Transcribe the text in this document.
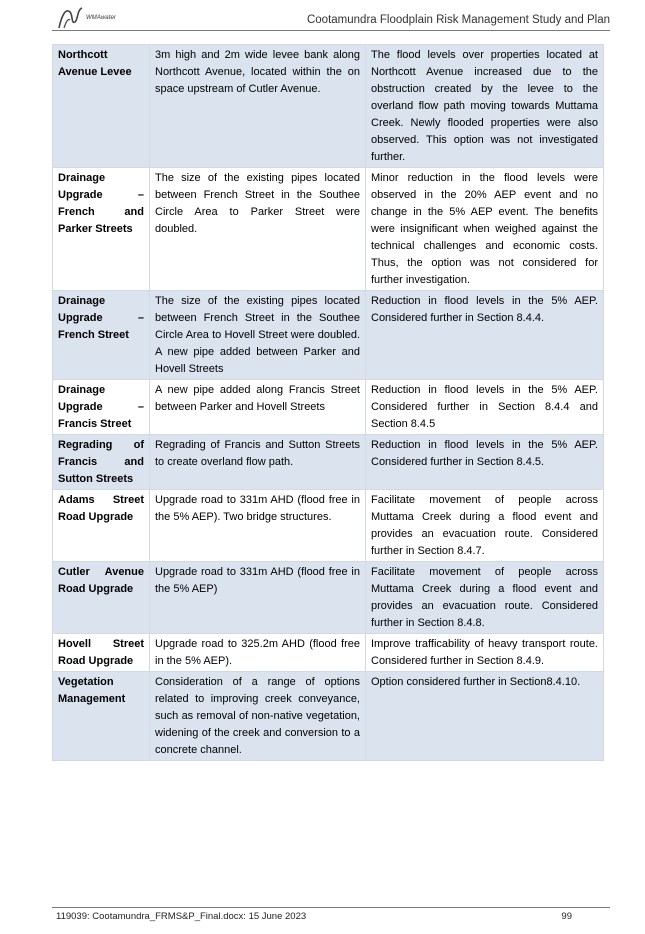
WMAwater	Cootamundra Floodplain Risk Management Study and Plan
Northcott Avenue Levee	3m high and 2m wide levee bank along Northcott Avenue, located within the on space upstream of Cutler Avenue.	The flood levels over properties located at Northcott Avenue increased due to the obstruction created by the levee to the overland flow path moving towards Muttama Creek. Newly flooded properties were also observed. This option was not investigated further.
Drainage Upgrade – French and Parker Streets	The size of the existing pipes located between French Street in the Southee Circle Area to Parker Street were doubled.	Minor reduction in the flood levels were observed in the 20% AEP event and no change in the 5% AEP event. The benefits were insignificant when weighed against the technical challenges and economic costs. Thus, the option was not considered for further investigation.
Drainage Upgrade – French Street	The size of the existing pipes located between French Street in the Southee Circle Area to Hovell Street were doubled. A new pipe added between Parker and Hovell Streets	Reduction in flood levels in the 5% AEP. Considered further in Section 8.4.4.
Drainage Upgrade – Francis Street	A new pipe added along Francis Street between Parker and Hovell Streets	Reduction in flood levels in the 5% AEP. Considered further in Section 8.4.4 and Section 8.4.5
Regrading of Francis and Sutton Streets	Regrading of Francis and Sutton Streets to create overland flow path.	Reduction in flood levels in the 5% AEP. Considered further in Section 8.4.5.
Adams Street Road Upgrade	Upgrade road to 331m AHD (flood free in the 5% AEP). Two bridge structures.	Facilitate movement of people across Muttama Creek during a flood event and provides an evacuation route. Considered further in Section 8.4.7.
Cutler Avenue Road Upgrade	Upgrade road to 331m AHD (flood free in the 5% AEP)	Facilitate movement of people across Muttama Creek during a flood event and provides an evacuation route. Considered further in Section 8.4.8.
Hovell Street Road Upgrade	Upgrade road to 325.2m AHD (flood free in the 5% AEP).	Improve trafficability of heavy transport route. Considered further in Section 8.4.9.
Vegetation Management	Consideration of a range of options related to improving creek conveyance, such as removal of non-native vegetation, widening of the creek and conversion to a concrete channel.	Option considered further in Section8.4.10.
119039: Cootamundra_FRMS&P_Final.docx: 15 June 2023	99
